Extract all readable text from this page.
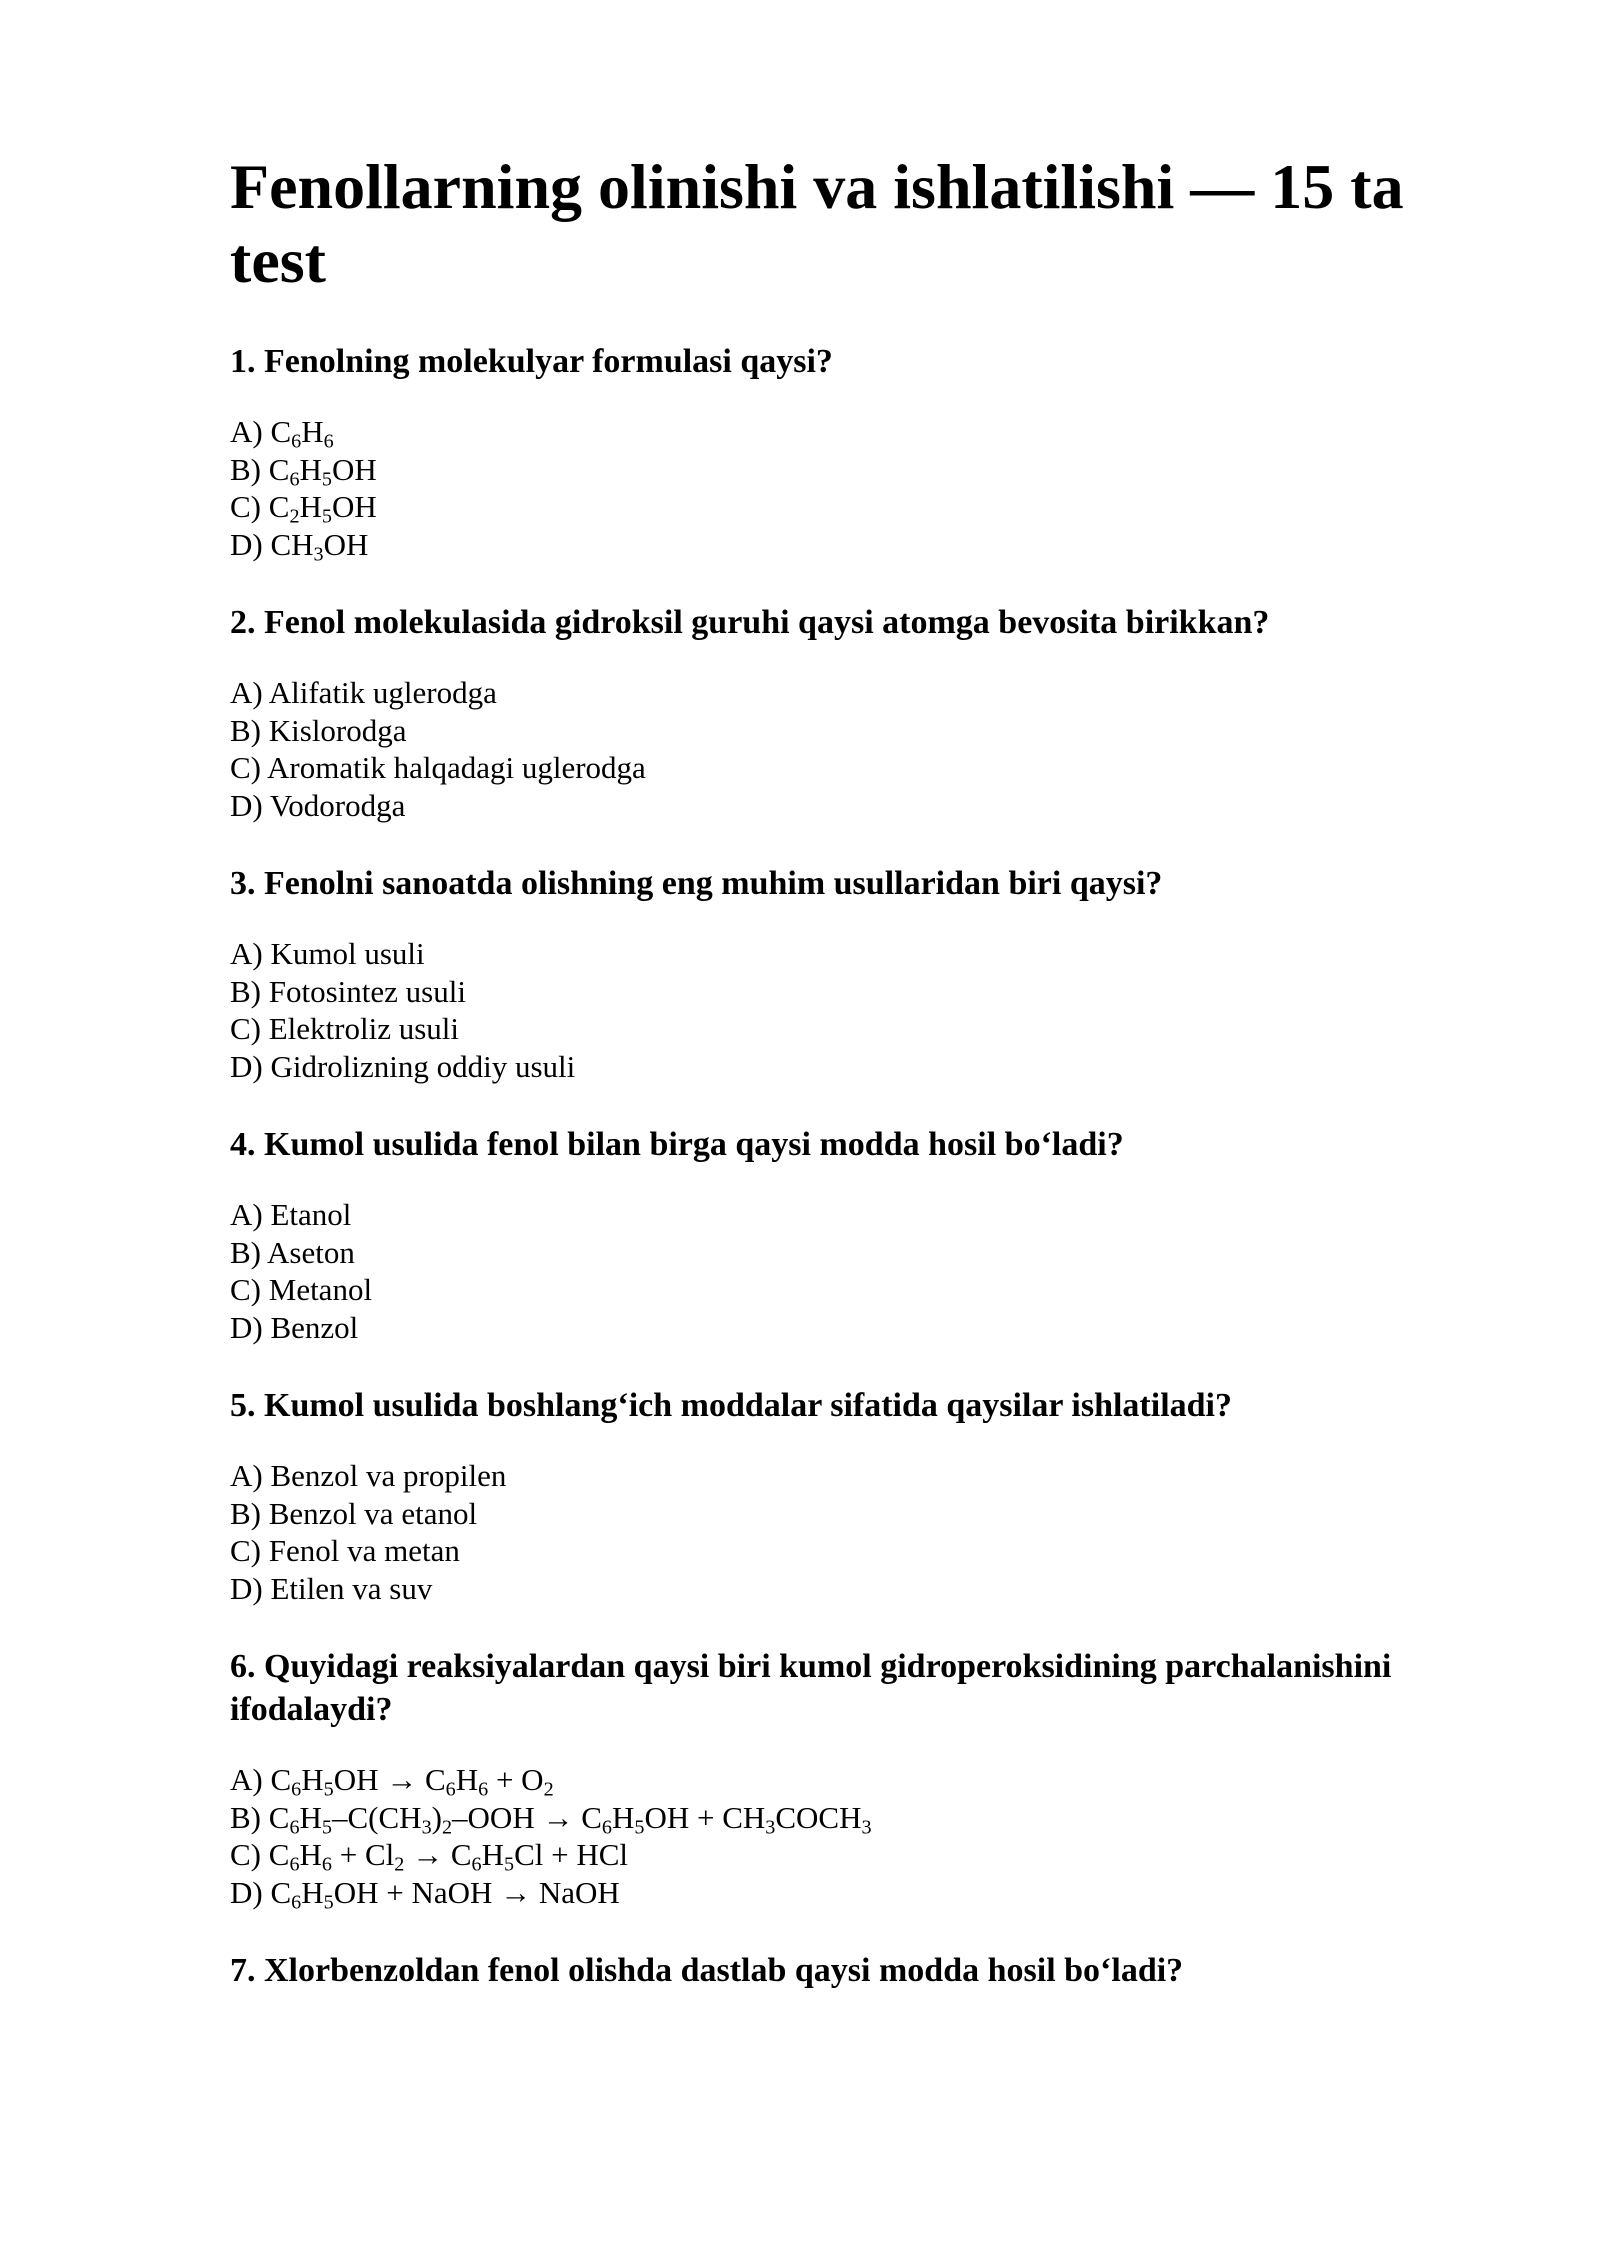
Fenollarning olinishi va ishlatilishi — 15 ta test

1. Fenolning molekulyar formulasi qaysi?

A) $C_6H_6$
B) $C_6H_5OH$
C) $C_2H_5OH$
D) $CH_3OH$

2. Fenol molekulasida gidroksil guruhi qaysi atomga bevosita birikkan?

A) Alifatik uglerodga
B) Kislorodga
C) Aromatik halqadagi uglerodga
D) Vodorodga

3. Fenolni sanoatda olishning eng muhim usullaridan biri qaysi?

A) Kumol usuli
B) Fotosintez usuli
C) Elektroliz usuli
D) Gidrolizning oddiy usuli

4. Kumol usulida fenol bilan birga qaysi modda hosil bo‘ladi?

A) Etanol
B) Aseton
C) Metanol
D) Benzol

5. Kumol usulida boshlang‘ich moddalar sifatida qaysilar ishlatiladi?

A) Benzol va propilen
B) Benzol va etanol
C) Fenol va metan
D) Etilen va suv

6. Quyidagi reaksiyalardan qaysi biri kumol gidroperoksidining parchalanishini ifodalaydi?

A) $C_6H_5OH \to C_6H_6 + O_2$
B) $C_6H_5-C(CH_3)_2$–OOH → $C_6H_5OH$ + $CH_3COCH_3$
C) $C_6H_6 + Cl_2 \to C_6H_5Cl$ + HCl
D) $C_6H_5OH$ + NaOH → NaOH

7. Xlorbenzoldan fenol olishda dastlab qaysi modda hosil bo‘ladi?
